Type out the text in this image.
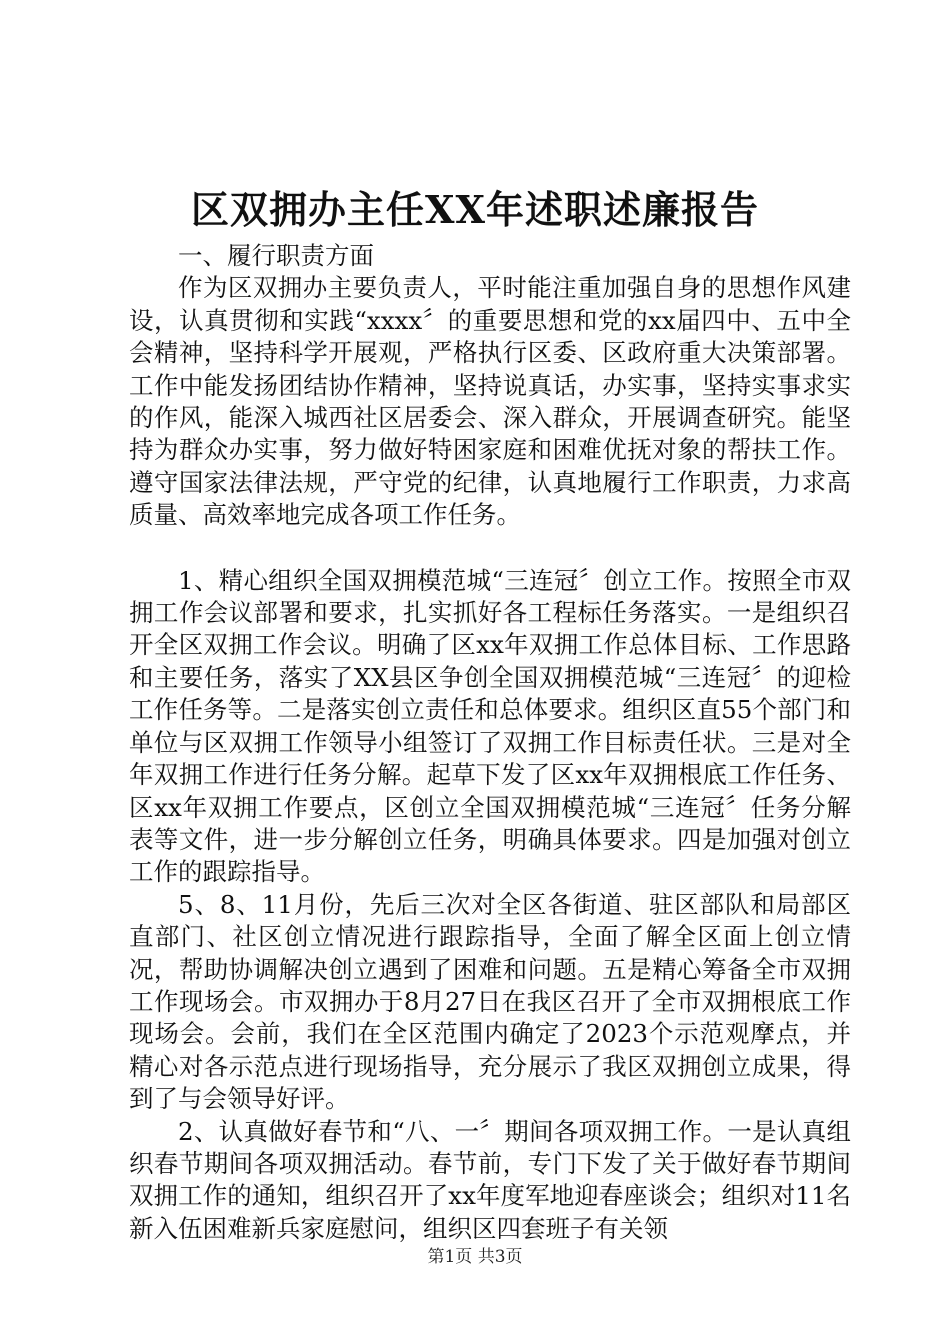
区双拥办主任XX年述职述廉报告

一、履行职责方面

作为区双拥办主要负责人，平时能注重加强自身的思想作风建设，认真贯彻和实践“xxxx〞的重要思想和党的xx届四中、五中全会精神，坚持科学开展观，严格执行区委、区政府重大决策部署。工作中能发扬团结协作精神，坚持说真话，办实事，坚持实事求实的作风，能深入城西社区居委会、深入群众，开展调查研究。能坚持为群众办实事，努力做好特困家庭和困难优抚对象的帮扶工作。遵守国家法律法规，严守党的纪律，认真地履行工作职责，力求高质量、高效率地完成各项工作任务。

1、精心组织全国双拥模范城“三连冠〞创立工作。按照全市双拥工作会议部署和要求，扎实抓好各工程标任务落实。一是组织召开全区双拥工作会议。明确了区xx年双拥工作总体目标、工作思路和主要任务，落实了XX县区争创全国双拥模范城“三连冠〞的迎检工作任务等。二是落实创立责任和总体要求。组织区直55个部门和单位与区双拥工作领导小组签订了双拥工作目标责任状。三是对全年双拥工作进行任务分解。起草下发了区xx年双拥根底工作任务、区xx年双拥工作要点，区创立全国双拥模范城“三连冠〞任务分解表等文件，进一步分解创立任务，明确具体要求。四是加强对创立工作的跟踪指导。

5、8、11月份，先后三次对全区各街道、驻区部队和局部区直部门、社区创立情况进行跟踪指导，全面了解全区面上创立情况，帮助协调解决创立遇到了困难和问题。五是精心筹备全市双拥工作现场会。市双拥办于8月27日在我区召开了全市双拥根底工作现场会。会前，我们在全区范围内确定了2023个示范观摩点，并精心对各示范点进行现场指导，充分展示了我区双拥创立成果，得到了与会领导好评。

2、认真做好春节和“八、一〞期间各项双拥工作。一是认真组织春节期间各项双拥活动。春节前，专门下发了关于做好春节期间双拥工作的通知，组织召开了xx年度军地迎春座谈会；组织对11名新入伍困难新兵家庭慰问，组织区四套班子有关领

第1页 共3页
